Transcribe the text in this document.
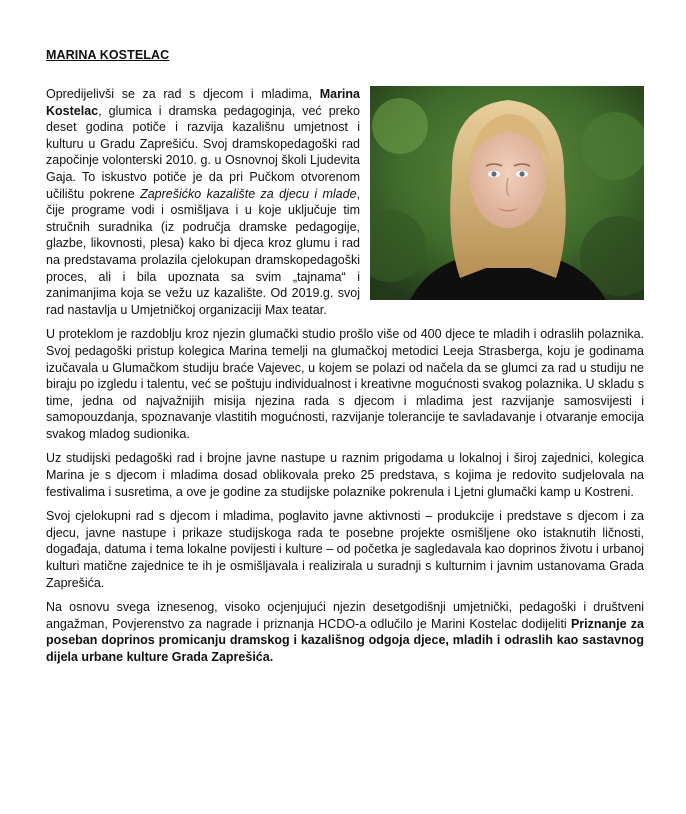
MARINA KOSTELAC
Opredijelivši se za rad s djecom i mladima, Marina Kostelac, glumica i dramska pedagoginja, već preko deset godina potiče i razvija kazališnu umjetnost i kulturu u Gradu Zaprešiću. Svoj dramskopedagoški rad započinje volonterski 2010. g. u Osnovnoj školi Ljudevita Gaja. To iskustvo potiče je da pri Pučkom otvorenom učilištu pokrene Zaprešićko kazalište za djecu i mlade, čije programe vodi i osmišljava i u koje uključuje tim stručnih suradnika (iz područja dramske pedagogije, glazbe, likovnosti, plesa) kako bi djeca kroz glumu i rad na predstavama prolazila cjelokupan dramskopedagoški proces, ali i bila upoznata sa svim „tajnama“ i zanimanjima koja se vežu uz kazalište. Od 2019.g. svoj rad nastavlja u Umjetničkoj organizaciji Max teatar.
U proteklom je razdoblju kroz njezin glumački studio prošlo više od 400 djece te mladih i odraslih polaznika. Svoj pedagoški pristup kolegica Marina temelji na glumačkoj metodici Leeja Strasberga, koju je godinama izučavala u Glumačkom studiju braće Vajevec, u kojem se polazi od načela da se glumci za rad u studiju ne biraju po izgledu i talentu, već se poštuju individualnost i kreativne mogućnosti svakog polaznika. U skladu s time, jedna od najvažnijih misija njezina rada s djecom i mladima jest razvijanje samosvijesti i samopouzdanja, spoznavanje vlastitih mogućnosti, razvijanje tolerancije te savladavanje i otvaranje emocija svakog mladog sudionika.
Uz studijski pedagoški rad i brojne javne nastupe u raznim prigodama u lokalnoj i široj zajednici, kolegica Marina je s djecom i mladima dosad oblikovala preko 25 predstava, s kojima je redovito sudjelovala na festivalima i susretima, a ove je godine za studijske polaznike pokrenula i Ljetni glumački kamp u Kostreni.
Svoj cjelokupni rad s djecom i mladima, poglavito javne aktivnosti – produkcije i predstave s djecom i za djecu, javne nastupe i prikaze studijskoga rada te posebne projekte osmišljene oko istaknutih ličnosti, događaja, datuma i tema lokalne povijesti i kulture – od početka je sagledavala kao doprinos životu i urbanoj kulturi matične zajednice te ih je osmišljavala i realizirala u suradnji s kulturnim i javnim ustanovama Grada Zaprešića.
Na osnovu svega iznesenog, visoko ocjenjujući njezin desetgodišnji umjetnički, pedagoški i društveni angažman, Povjerenstvo za nagrade i priznanja HCDO-a odlučilo je Marini Kostelac dodijeliti Priznanje za poseban doprinos promicanju dramskog i kazališnog odgoja djece, mladih i odraslih kao sastavnog dijela urbane kulture Grada Zaprešića.
